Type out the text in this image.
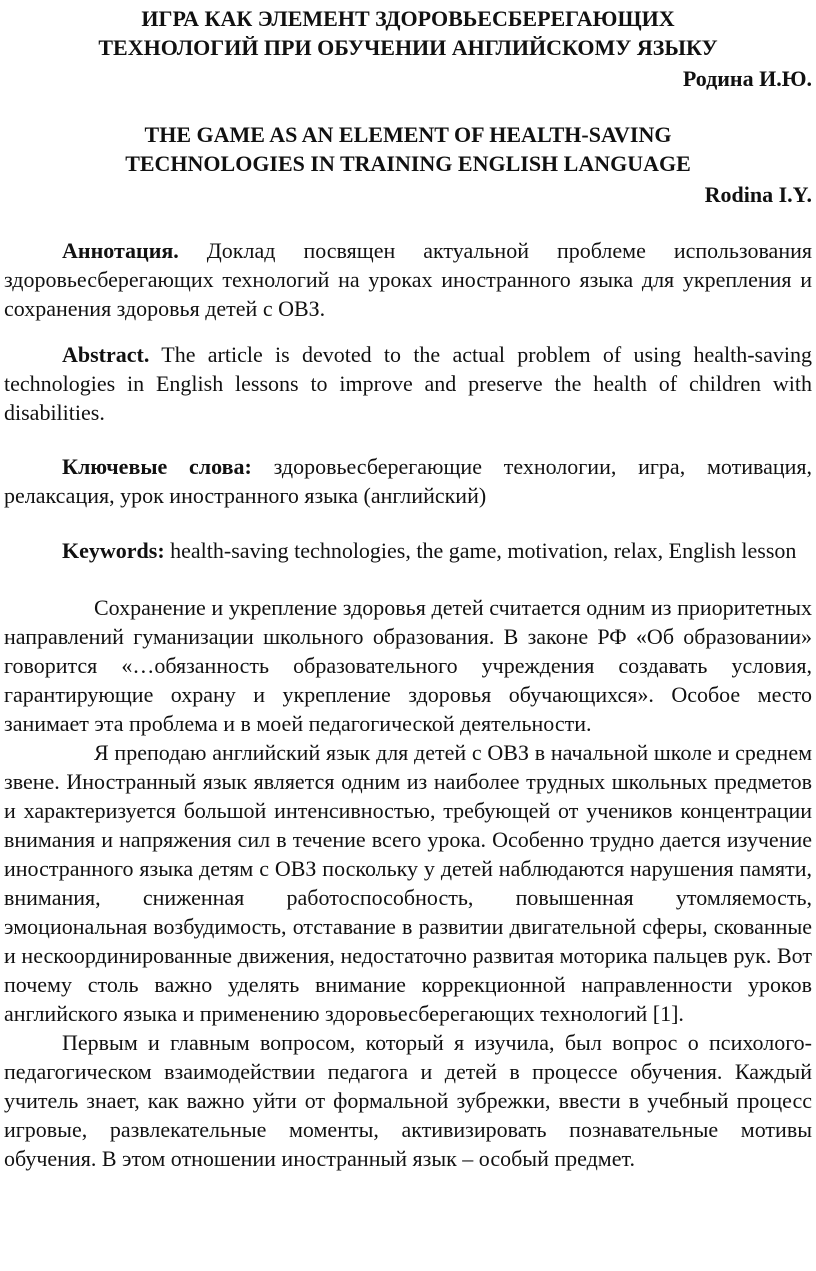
ИГРА КАК ЭЛЕМЕНТ ЗДОРОВЬЕСБЕРЕГАЮЩИХ

ТЕХНОЛОГИЙ ПРИ ОБУЧЕНИИ АНГЛИЙСКОМУ ЯЗЫКУ

Родина И.Ю.

THE GAME AS AN ELEMENT OF HEALTH-SAVING

TECHNOLOGIES IN TRAINING ENGLISH LANGUAGE

Rodina I.Y.

Аннотация. Доклад посвящен актуальной проблеме использования здоровьесберегающих технологий на уроках иностранного языка для укрепления и сохранения здоровья детей с ОВЗ.

Abstract. The article is devoted to the actual problem of using health-saving technologies in English lessons to improve and preserve the health of children with disabilities.

Ключевые слова: здоровьесберегающие технологии, игра, мотивация, релаксация, урок иностранного языка (английский)

Keywords: health-saving technologies, the game, motivation, relax, English lesson

Сохранение и укрепление здоровья детей считается одним из приоритетных направлений гуманизации школьного образования. В законе РФ «Об образовании» говорится «…обязанность образовательного учреждения создавать условия, гарантирующие охрану и укрепление здоровья обучающихся». Особое место занимает эта проблема и в моей педагогической деятельности.

Я преподаю английский язык для детей с ОВЗ в начальной школе и среднем звене. Иностранный язык является одним из наиболее трудных школьных предметов и характеризуется большой интенсивностью, требующей от учеников концентрации внимания и напряжения сил в течение всего урока. Особенно трудно дается изучение иностранного языка детям с ОВЗ поскольку у детей наблюдаются нарушения памяти, внимания, сниженная работоспособность, повышенная утомляемость, эмоциональная возбудимость, отставание в развитии двигательной сферы, скованные и нескоординированные движения, недостаточно развитая моторика пальцев рук. Вот почему столь важно уделять внимание коррекционной направленности уроков английского языка и применению здоровьесберегающих технологий [1].

Первым и главным вопросом, который я изучила, был вопрос о психолого-педагогическом взаимодействии педагога и детей в процессе обучения. Каждый учитель знает, как важно уйти от формальной зубрежки, ввести в учебный процесс игровые, развлекательные моменты, активизировать познавательные мотивы обучения. В этом отношении иностранный язык – особый предмет.
